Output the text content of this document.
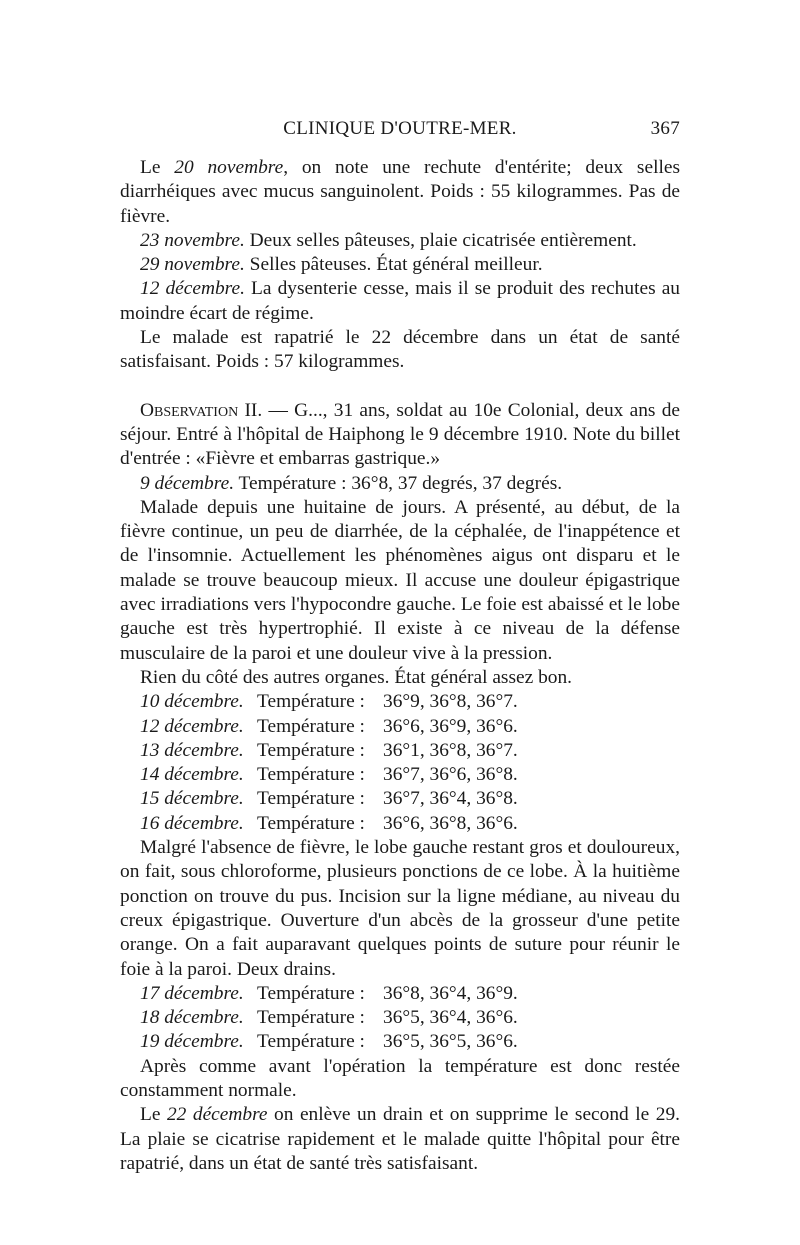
CLINIQUE D'OUTRE-MER.	367

Le 20 novembre, on note une rechute d'entérite; deux selles diarrhéiques avec mucus sanguinolent. Poids : 55 kilogrammes. Pas de fièvre.

23 novembre. Deux selles pâteuses, plaie cicatrisée entièrement.

29 novembre. Selles pâteuses. État général meilleur.

12 décembre. La dysenterie cesse, mais il se produit des rechutes au moindre écart de régime.

Le malade est rapatrié le 22 décembre dans un état de santé satisfaisant. Poids : 57 kilogrammes.

Observation II. — G..., 31 ans, soldat au 10e Colonial, deux ans de séjour. Entré à l'hôpital de Haiphong le 9 décembre 1910. Note du billet d'entrée : «Fièvre et embarras gastrique.»

9 décembre. Température : 36°8, 37 degrés, 37 degrés.

Malade depuis une huitaine de jours. A présenté, au début, de la fièvre continue, un peu de diarrhée, de la céphalée, de l'inappétence et de l'insomnie. Actuellement les phénomènes aigus ont disparu et le malade se trouve beaucoup mieux. Il accuse une douleur épigastrique avec irradiations vers l'hypocondre gauche. Le foie est abaissé et le lobe gauche est très hypertrophié. Il existe à ce niveau de la défense musculaire de la paroi et une douleur vive à la pression.

Rien du côté des autres organes. État général assez bon.

10 décembre. Température : 36°9, 36°8, 36°7.

12 décembre. Température : 36°6, 36°9, 36°6.

13 décembre. Température : 36°1, 36°8, 36°7.

14 décembre. Température : 36°7, 36°6, 36°8.

15 décembre. Température : 36°7, 36°4, 36°8.

16 décembre. Température : 36°6, 36°8, 36°6.

Malgré l'absence de fièvre, le lobe gauche restant gros et douloureux, on fait, sous chloroforme, plusieurs ponctions de ce lobe. À la huitième ponction on trouve du pus. Incision sur la ligne médiane, au niveau du creux épigastrique. Ouverture d'un abcès de la grosseur d'une petite orange. On a fait auparavant quelques points de suture pour réunir le foie à la paroi. Deux drains.

17 décembre. Température : 36°8, 36°4, 36°9.

18 décembre. Température : 36°5, 36°4, 36°6.

19 décembre. Température : 36°5, 36°5, 36°6.

Après comme avant l'opération la température est donc restée constamment normale.

Le 22 décembre on enlève un drain et on supprime le second le 29. La plaie se cicatrise rapidement et le malade quitte l'hôpital pour être rapatrié, dans un état de santé très satisfaisant.
